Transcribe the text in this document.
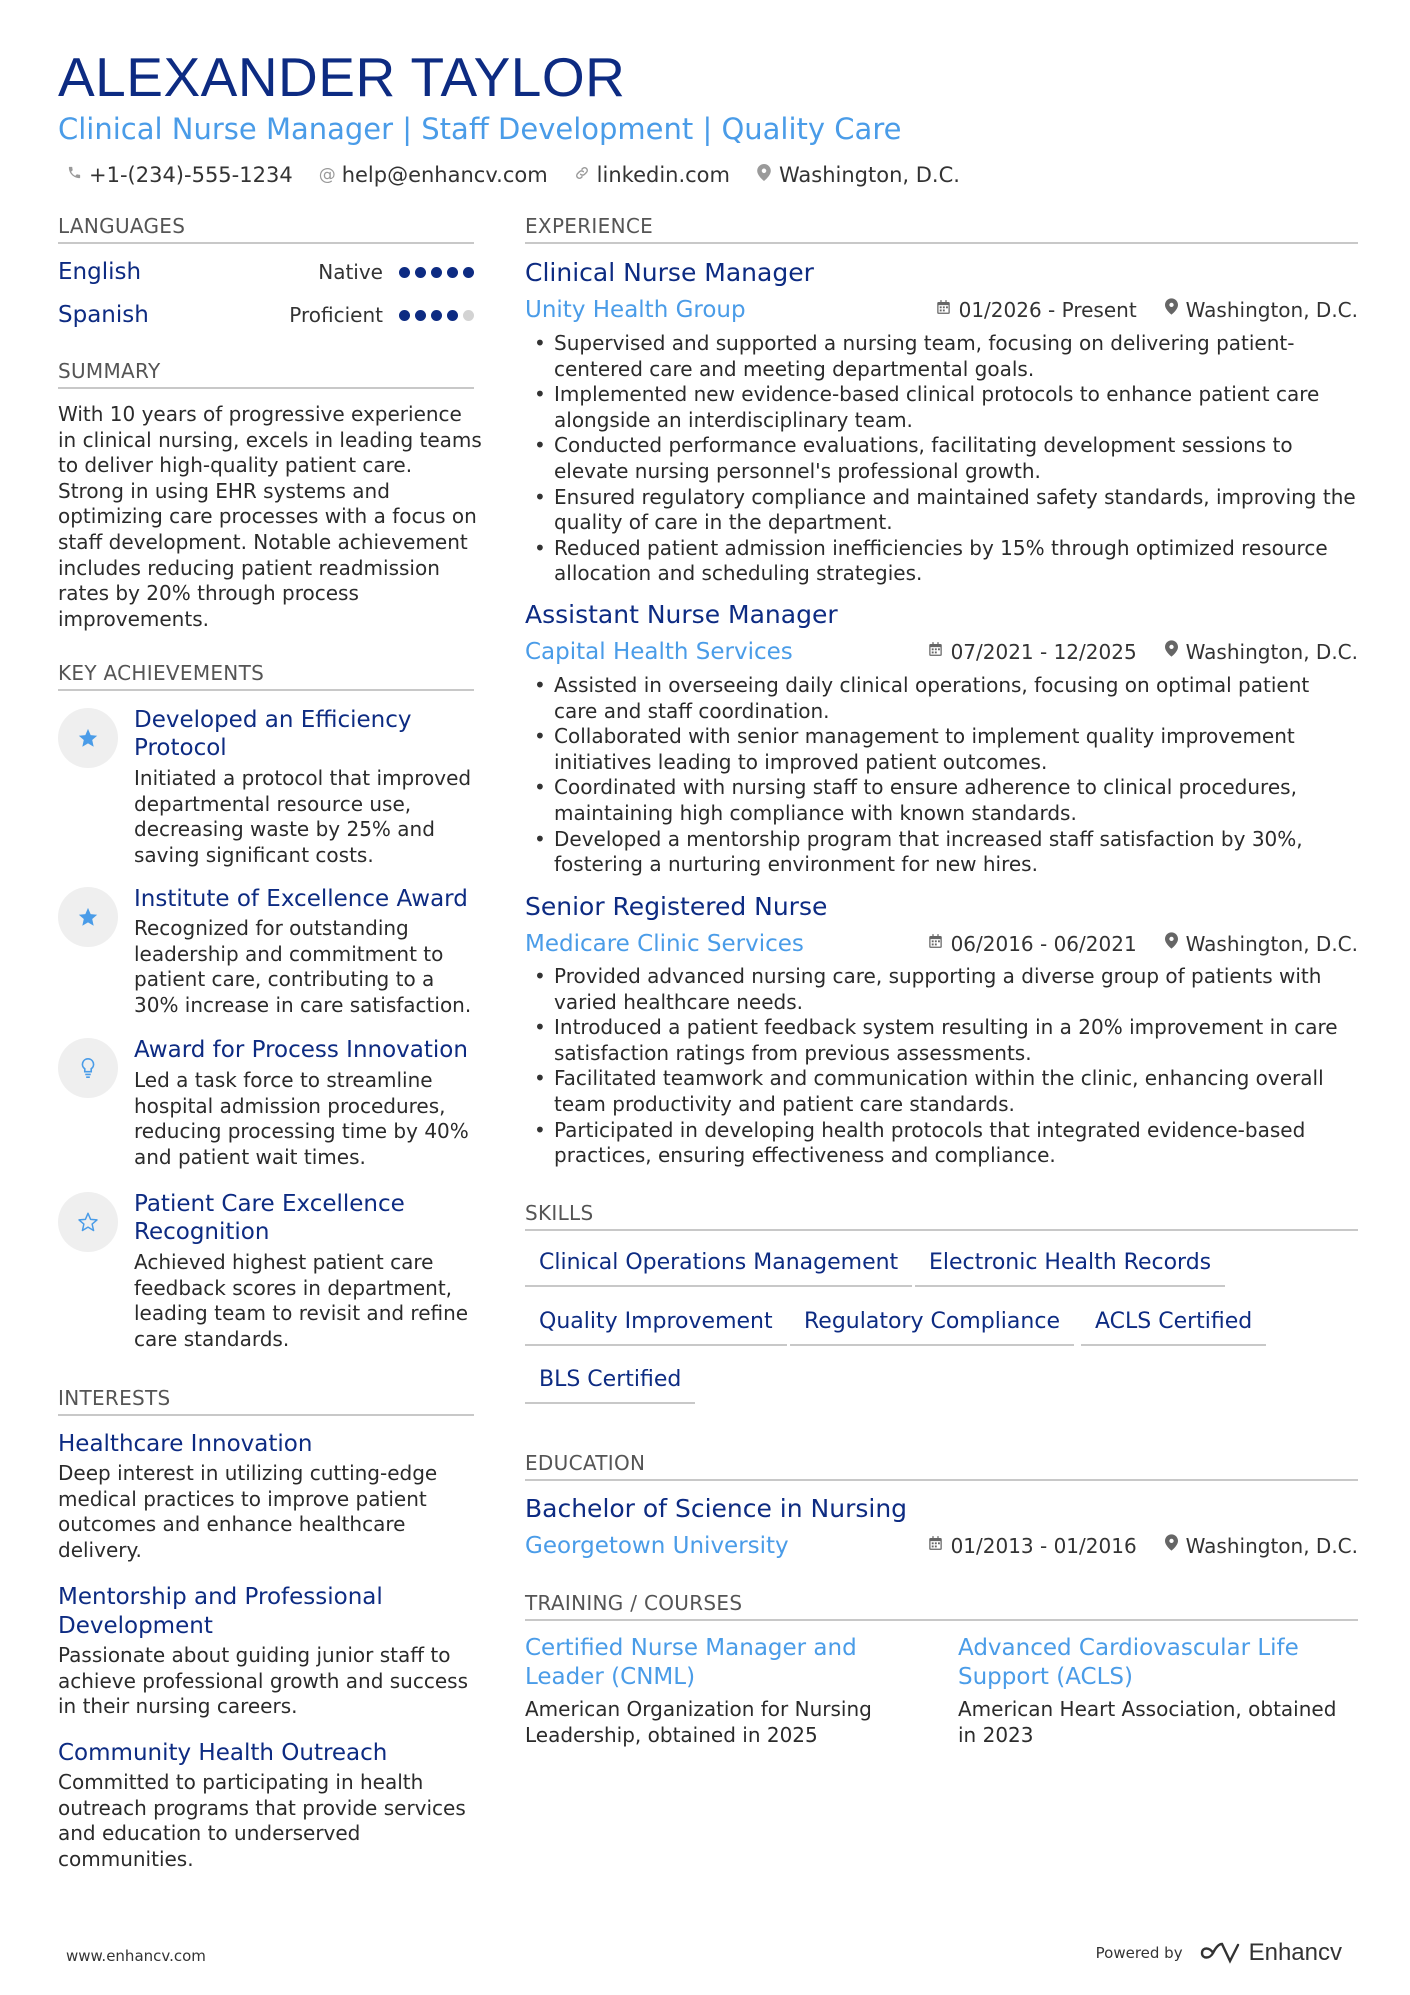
ALEXANDER TAYLOR
Clinical Nurse Manager | Staff Development | Quality Care
+1-(234)-555-1234 @ help@enhancv.com linkedin.com Washington, D.C.
LANGUAGES
English	Native
Spanish	Proficient
SUMMARY
With 10 years of progressive experience in clinical nursing, excels in leading teams to deliver high-quality patient care. Strong in using EHR systems and optimizing care processes with a focus on staff development. Notable achievement includes reducing patient readmission rates by 20% through process improvements.
KEY ACHIEVEMENTS
Developed an Efficiency Protocol
Initiated a protocol that improved departmental resource use, decreasing waste by 25% and saving significant costs.
Institute of Excellence Award
Recognized for outstanding leadership and commitment to patient care, contributing to a 30% increase in care satisfaction.
Award for Process Innovation
Led a task force to streamline hospital admission procedures, reducing processing time by 40% and patient wait times.
Patient Care Excellence Recognition
Achieved highest patient care feedback scores in department, leading team to revisit and refine care standards.
INTERESTS
Healthcare Innovation
Deep interest in utilizing cutting-edge medical practices to improve patient outcomes and enhance healthcare delivery.
Mentorship and Professional Development
Passionate about guiding junior staff to achieve professional growth and success in their nursing careers.
Community Health Outreach
Committed to participating in health outreach programs that provide services and education to underserved communities.
EXPERIENCE
Clinical Nurse Manager
Unity Health Group	01/2026 - Present Washington, D.C.
• Supervised and supported a nursing team, focusing on delivering patient-centered care and meeting departmental goals.
• Implemented new evidence-based clinical protocols to enhance patient care alongside an interdisciplinary team.
• Conducted performance evaluations, facilitating development sessions to elevate nursing personnel's professional growth.
• Ensured regulatory compliance and maintained safety standards, improving the quality of care in the department.
• Reduced patient admission inefficiencies by 15% through optimized resource allocation and scheduling strategies.
Assistant Nurse Manager
Capital Health Services	07/2021 - 12/2025 Washington, D.C.
• Assisted in overseeing daily clinical operations, focusing on optimal patient care and staff coordination.
• Collaborated with senior management to implement quality improvement initiatives leading to improved patient outcomes.
• Coordinated with nursing staff to ensure adherence to clinical procedures, maintaining high compliance with known standards.
• Developed a mentorship program that increased staff satisfaction by 30%, fostering a nurturing environment for new hires.
Senior Registered Nurse
Medicare Clinic Services	06/2016 - 06/2021 Washington, D.C.
• Provided advanced nursing care, supporting a diverse group of patients with varied healthcare needs.
• Introduced a patient feedback system resulting in a 20% improvement in care satisfaction ratings from previous assessments.
• Facilitated teamwork and communication within the clinic, enhancing overall team productivity and patient care standards.
• Participated in developing health protocols that integrated evidence-based practices, ensuring effectiveness and compliance.
SKILLS
Clinical Operations Management	Electronic Health Records
Quality Improvement	Regulatory Compliance	ACLS Certified
BLS Certified
EDUCATION
Bachelor of Science in Nursing
Georgetown University	01/2013 - 01/2016 Washington, D.C.
TRAINING / COURSES
Certified Nurse Manager and Leader (CNML)
American Organization for Nursing Leadership, obtained in 2025
Advanced Cardiovascular Life Support (ACLS)
American Heart Association, obtained in 2023
www.enhancv.com	Powered by	Enhancv
